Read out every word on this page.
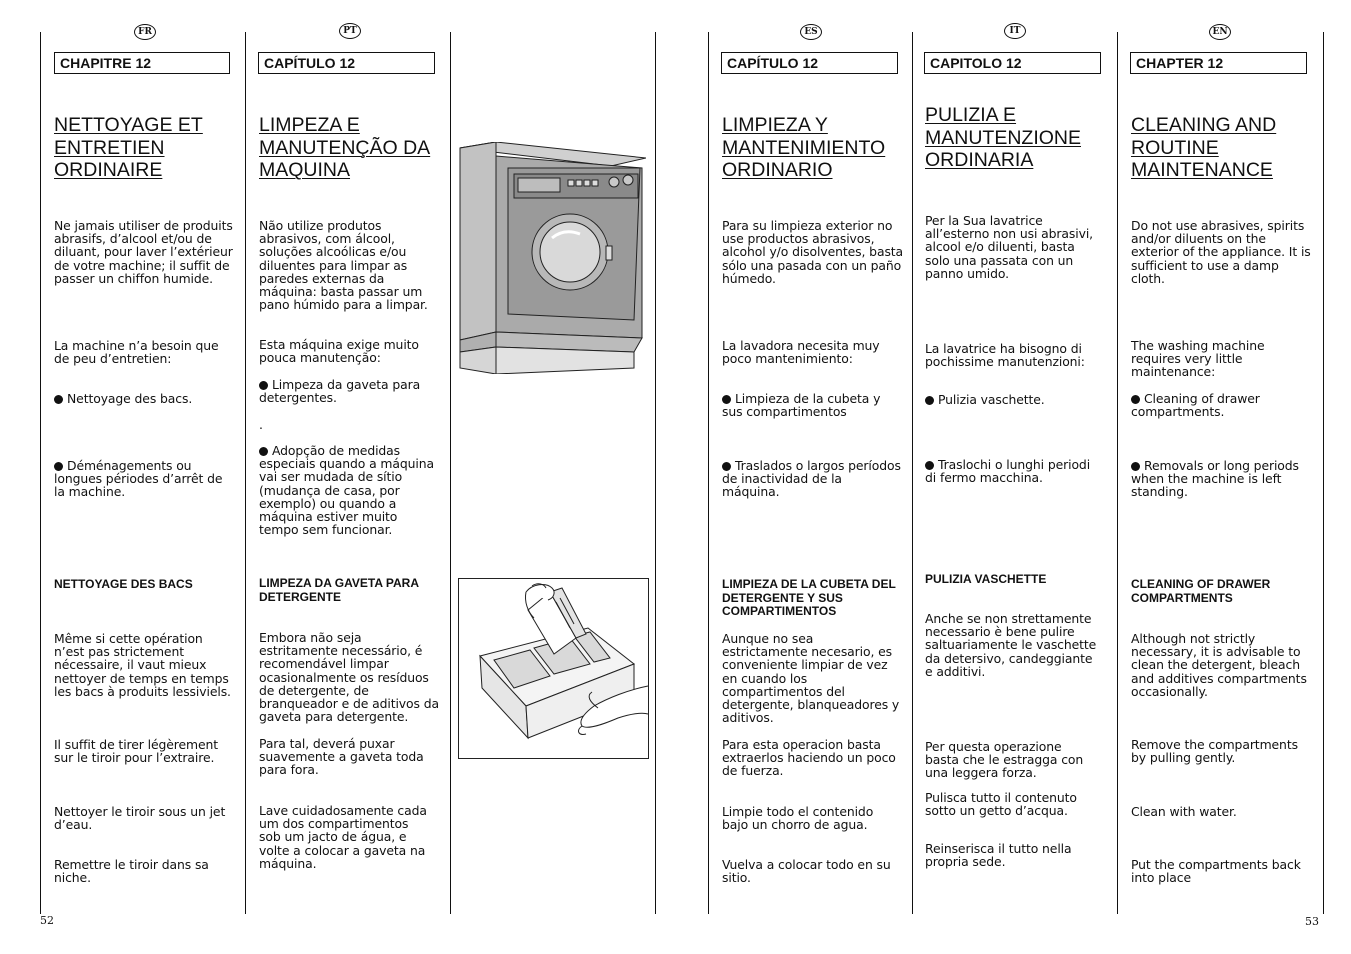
FR	PT	ES	IT	EN
CHAPITRE 12	CAPÍTULO 12	CAPÍTULO 12	CAPITOLO 12	CHAPTER 12
NETTOYAGE ET
ENTRETIEN
ORDINAIRE
LIMPEZA E
MANUTENÇÃO DA
MAQUINA
LIMPIEZA Y
MANTENIMIENTO
ORDINARIO
PULIZIA E
MANUTENZIONE
ORDINARIA
CLEANING AND
ROUTINE
MAINTENANCE
Ne jamais utiliser de produits abrasifs, d’alcool et/ou de diluant, pour laver l’extérieur de votre machine; il suffit de passer un chiffon humide.
La machine n’a besoin que de peu d’entretien:
Nettoyage des bacs.
Déménagements ou longues périodes d’arrêt de la machine.
NETTOYAGE DES BACS
Même si cette opération n’est pas strictement nécessaire, il vaut mieux nettoyer de temps en temps les bacs à produits lessiviels.
Il suffit de tirer légèrement sur le tiroir pour l’extraire.
Nettoyer le tiroir sous un jet d’eau.
Remettre le tiroir dans sa niche.
Não utilize produtos abrasivos, com álcool, soluções alcoólicas e/ou diluentes para limpar as paredes externas da máquina: basta passar um pano húmido para a limpar.
Esta máquina exige muito pouca manutenção:
Limpeza da gaveta para detergentes.
.
Adopção de medidas especiais quando a máquina vai ser mudada de sítio (mudança de casa, por exemplo) ou quando a máquina estiver muito tempo sem funcionar.
LIMPEZA DA GAVETA PARA DETERGENTE
Embora não seja estritamente necessário, é recomendável limpar ocasionalmente os resíduos de detergente, de branqueador e de aditivos da gaveta para detergente.
Para tal, deverá puxar suavemente a gaveta toda para fora.
Lave cuidadosamente cada um dos compartimentos sob um jacto de água, e volte a colocar a gaveta na máquina.
Para su limpieza exterior no use productos abrasivos, alcohol y/o disolventes, basta sólo una pasada con un paño húmedo.
La lavadora necesita muy poco mantenimiento:
Limpieza de la cubeta y sus compartimentos
Traslados o largos períodos de inactividad de la máquina.
LIMPIEZA DE LA CUBETA DEL DETERGENTE Y SUS COMPARTIMENTOS
Aunque no sea estrictamente necesario, es conveniente limpiar de vez en cuando los compartimentos del detergente, blanqueadores y aditivos.
Para esta operacion basta extraerlos haciendo un poco de fuerza.
Limpie todo el contenido bajo un chorro de agua.
Vuelva a colocar todo en su sitio.
Per la Sua lavatrice all’esterno non usi abrasivi, alcool e/o diluenti, basta solo una passata con un panno umido.
La lavatrice ha bisogno di pochissime manutenzioni:
Pulizia vaschette.
Traslochi o lunghi periodi di fermo macchina.
PULIZIA VASCHETTE
Anche se non strettamente necessario è bene pulire saltuariamente le vaschette da detersivo, candeggiante e additivi.
Per questa operazione basta che le estragga con una leggera forza.
Pulisca tutto il contenuto sotto un getto d’acqua.
Reinserisca il tutto nella propria sede.
Do not use abrasives, spirits and/or diluents on the exterior of the appliance. It is sufficient to use a damp cloth.
The washing machine requires very little maintenance:
Cleaning of drawer compartments.
Removals or long periods when the machine is left standing.
CLEANING OF DRAWER COMPARTMENTS
Although not strictly necessary, it is advisable to clean the detergent, bleach and additives compartments occasionally.
Remove the compartments by pulling gently.
Clean with water.
Put the compartments back into place
52	53
